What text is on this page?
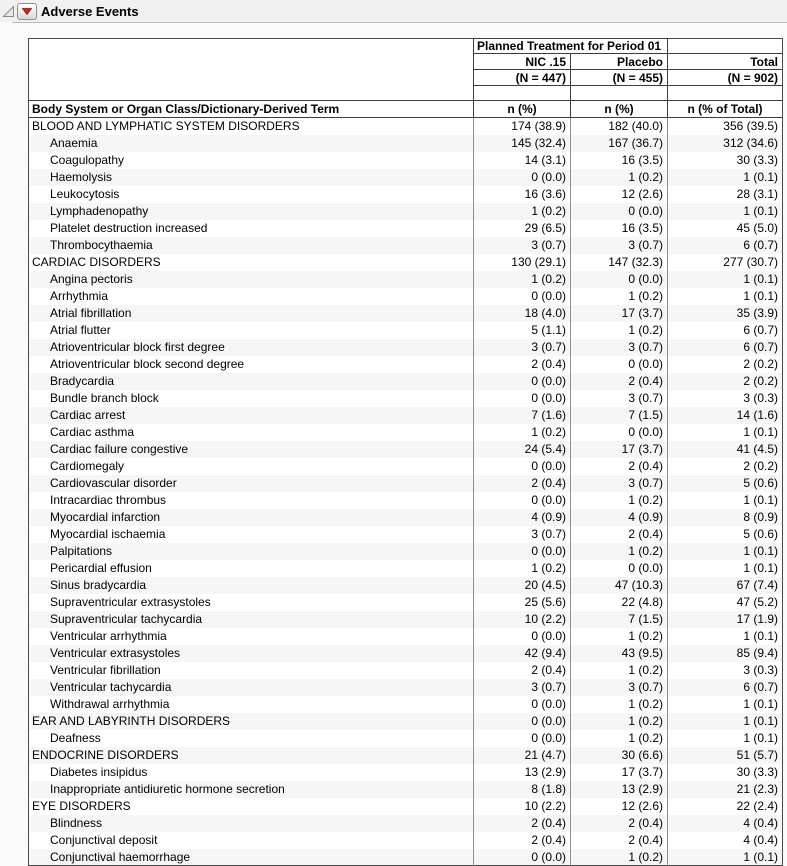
Adverse Events
	Planned Treatment for Period 01		
	NIC .15	Placebo	Total
	(N = 447)	(N = 455)	(N = 902)

Body System or Organ Class/Dictionary-Derived Term	n (%)	n (%)	n (% of Total)
BLOOD AND LYMPHATIC SYSTEM DISORDERS	174 (38.9)	182 (40.0)	356 (39.5)
Anaemia	145 (32.4)	167 (36.7)	312 (34.6)
Coagulopathy	14 (3.1)	16 (3.5)	30 (3.3)
Haemolysis	0 (0.0)	1 (0.2)	1 (0.1)
Leukocytosis	16 (3.6)	12 (2.6)	28 (3.1)
Lymphadenopathy	1 (0.2)	0 (0.0)	1 (0.1)
Platelet destruction increased	29 (6.5)	16 (3.5)	45 (5.0)
Thrombocythaemia	3 (0.7)	3 (0.7)	6 (0.7)
CARDIAC DISORDERS	130 (29.1)	147 (32.3)	277 (30.7)
Angina pectoris	1 (0.2)	0 (0.0)	1 (0.1)
Arrhythmia	0 (0.0)	1 (0.2)	1 (0.1)
Atrial fibrillation	18 (4.0)	17 (3.7)	35 (3.9)
Atrial flutter	5 (1.1)	1 (0.2)	6 (0.7)
Atrioventricular block first degree	3 (0.7)	3 (0.7)	6 (0.7)
Atrioventricular block second degree	2 (0.4)	0 (0.0)	2 (0.2)
Bradycardia	0 (0.0)	2 (0.4)	2 (0.2)
Bundle branch block	0 (0.0)	3 (0.7)	3 (0.3)
Cardiac arrest	7 (1.6)	7 (1.5)	14 (1.6)
Cardiac asthma	1 (0.2)	0 (0.0)	1 (0.1)
Cardiac failure congestive	24 (5.4)	17 (3.7)	41 (4.5)
Cardiomegaly	0 (0.0)	2 (0.4)	2 (0.2)
Cardiovascular disorder	2 (0.4)	3 (0.7)	5 (0.6)
Intracardiac thrombus	0 (0.0)	1 (0.2)	1 (0.1)
Myocardial infarction	4 (0.9)	4 (0.9)	8 (0.9)
Myocardial ischaemia	3 (0.7)	2 (0.4)	5 (0.6)
Palpitations	0 (0.0)	1 (0.2)	1 (0.1)
Pericardial effusion	1 (0.2)	0 (0.0)	1 (0.1)
Sinus bradycardia	20 (4.5)	47 (10.3)	67 (7.4)
Supraventricular extrasystoles	25 (5.6)	22 (4.8)	47 (5.2)
Supraventricular tachycardia	10 (2.2)	7 (1.5)	17 (1.9)
Ventricular arrhythmia	0 (0.0)	1 (0.2)	1 (0.1)
Ventricular extrasystoles	42 (9.4)	43 (9.5)	85 (9.4)
Ventricular fibrillation	2 (0.4)	1 (0.2)	3 (0.3)
Ventricular tachycardia	3 (0.7)	3 (0.7)	6 (0.7)
Withdrawal arrhythmia	0 (0.0)	1 (0.2)	1 (0.1)
EAR AND LABYRINTH DISORDERS	0 (0.0)	1 (0.2)	1 (0.1)
Deafness	0 (0.0)	1 (0.2)	1 (0.1)
ENDOCRINE DISORDERS	21 (4.7)	30 (6.6)	51 (5.7)
Diabetes insipidus	13 (2.9)	17 (3.7)	30 (3.3)
Inappropriate antidiuretic hormone secretion	8 (1.8)	13 (2.9)	21 (2.3)
EYE DISORDERS	10 (2.2)	12 (2.6)	22 (2.4)
Blindness	2 (0.4)	2 (0.4)	4 (0.4)
Conjunctival deposit	2 (0.4)	2 (0.4)	4 (0.4)
Conjunctival haemorrhage	0 (0.0)	1 (0.2)	1 (0.1)
